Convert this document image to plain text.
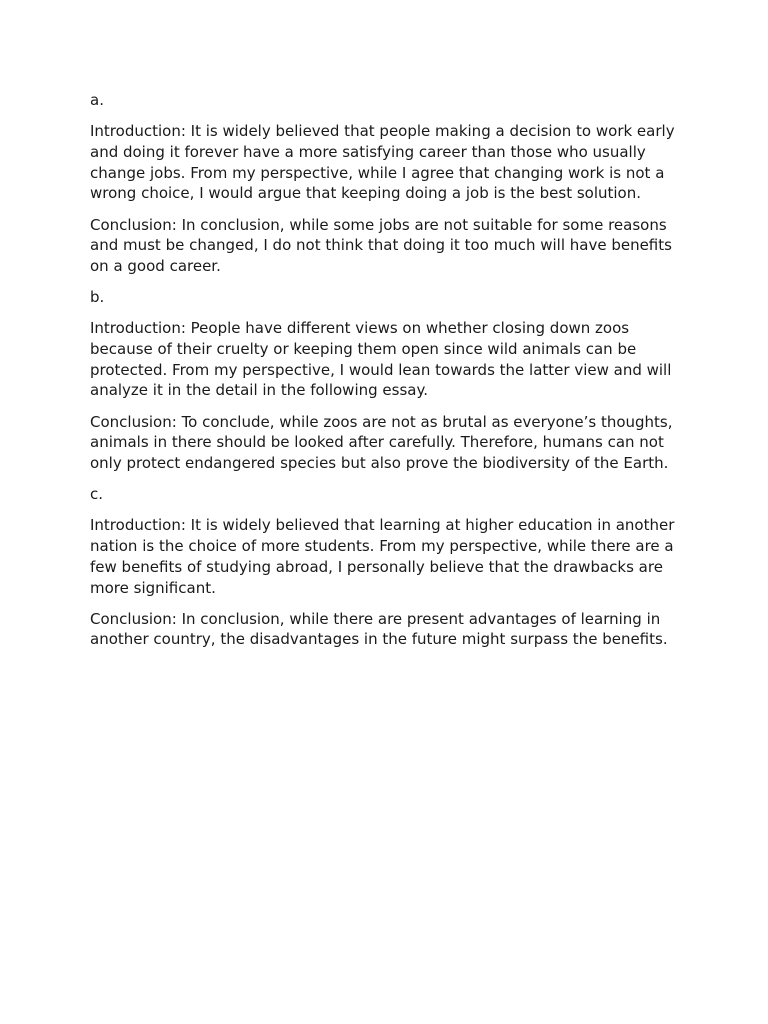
a.

Introduction: It is widely believed that people making a decision to work early and doing it forever have a more satisfying career than those who usually change jobs. From my perspective, while I agree that changing work is not a wrong choice, I would argue that keeping doing a job is the best solution.

Conclusion: In conclusion, while some jobs are not suitable for some reasons and must be changed, I do not think that doing it too much will have benefits on a good career.

b.

Introduction: People have different views on whether closing down zoos because of their cruelty or keeping them open since wild animals can be protected. From my perspective, I would lean towards the latter view and will analyze it in the detail in the following essay.

Conclusion: To conclude, while zoos are not as brutal as everyone’s thoughts, animals in there should be looked after carefully. Therefore, humans can not only protect endangered species but also prove the biodiversity of the Earth.

c.

Introduction: It is widely believed that learning at higher education in another nation is the choice of more students. From my perspective, while there are a few benefits of studying abroad, I personally believe that the drawbacks are more significant.

Conclusion: In conclusion, while there are present advantages of learning in another country, the disadvantages in the future might surpass the benefits.
